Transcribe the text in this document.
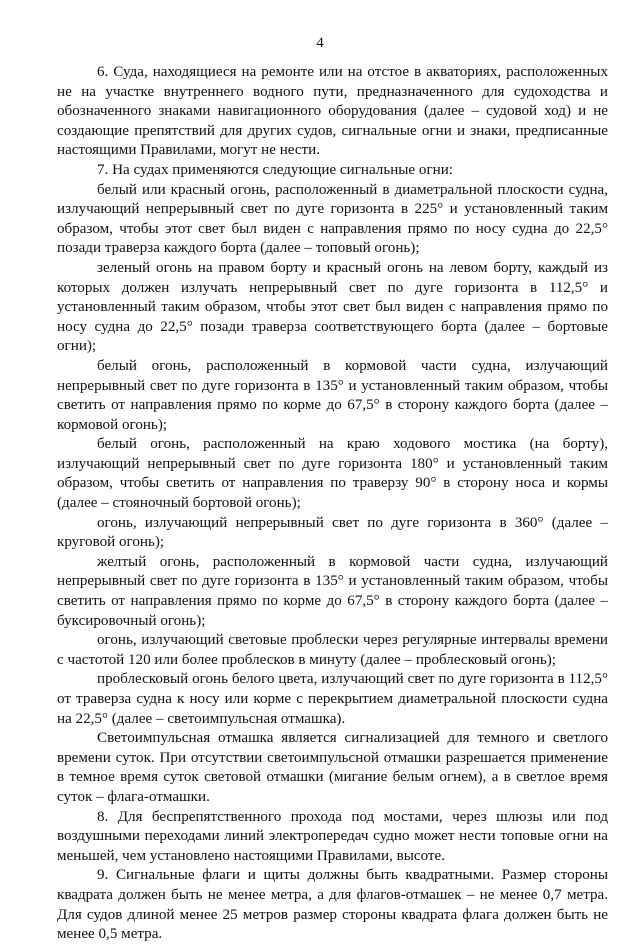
4

6. Суда, находящиеся на ремонте или на отстое в акваториях, расположенных не на участке внутреннего водного пути, предназначенного для судоходства и обозначенного знаками навигационного оборудования (далее – судовой ход) и не создающие препятствий для других судов, сигнальные огни и знаки, предписанные настоящими Правилами, могут не нести.

7. На судах применяются следующие сигнальные огни:

белый или красный огонь, расположенный в диаметральной плоскости судна, излучающий непрерывный свет по дуге горизонта в 225° и установленный таким образом, чтобы этот свет был виден с направления прямо по носу судна до 22,5° позади траверза каждого борта (далее – топовый огонь);

зеленый огонь на правом борту и красный огонь на левом борту, каждый из которых должен излучать непрерывный свет по дуге горизонта в 112,5° и установленный таким образом, чтобы этот свет был виден с направления прямо по носу судна до 22,5° позади траверза соответствующего борта (далее – бортовые огни);

белый огонь, расположенный в кормовой части судна, излучающий непрерывный свет по дуге горизонта в 135° и установленный таким образом, чтобы светить от направления прямо по корме до 67,5° в сторону каждого борта (далее – кормовой огонь);

белый огонь, расположенный на краю ходового мостика (на борту), излучающий непрерывный свет по дуге горизонта 180° и установленный таким образом, чтобы светить от направления по траверзу 90° в сторону носа и кормы (далее – стояночный бортовой огонь);

огонь, излучающий непрерывный свет по дуге горизонта в 360° (далее – круговой огонь);

желтый огонь, расположенный в кормовой части судна, излучающий непрерывный свет по дуге горизонта в 135° и установленный таким образом, чтобы светить от направления прямо по корме до 67,5° в сторону каждого борта (далее – буксировочный огонь);

огонь, излучающий световые проблески через регулярные интервалы времени с частотой 120 или более проблесков в минуту (далее – проблесковый огонь);

проблесковый огонь белого цвета, излучающий свет по дуге горизонта в 112,5° от траверза судна к носу или корме с перекрытием диаметральной плоскости судна на 22,5° (далее – светоимпульсная отмашка).

Светоимпульсная отмашка является сигнализацией для темного и светлого времени суток. При отсутствии светоимпульсной отмашки разрешается применение в темное время суток световой отмашки (мигание белым огнем), а в светлое время суток – флага-отмашки.

8. Для беспрепятственного прохода под мостами, через шлюзы или под воздушными переходами линий электропередач судно может нести топовые огни на меньшей, чем установлено настоящими Правилами, высоте.

9. Сигнальные флаги и щиты должны быть квадратными. Размер стороны квадрата должен быть не менее метра, а для флагов-отмашек – не менее 0,7 метра. Для судов длиной менее 25 метров размер стороны квадрата флага должен быть не менее 0,5 метра.
